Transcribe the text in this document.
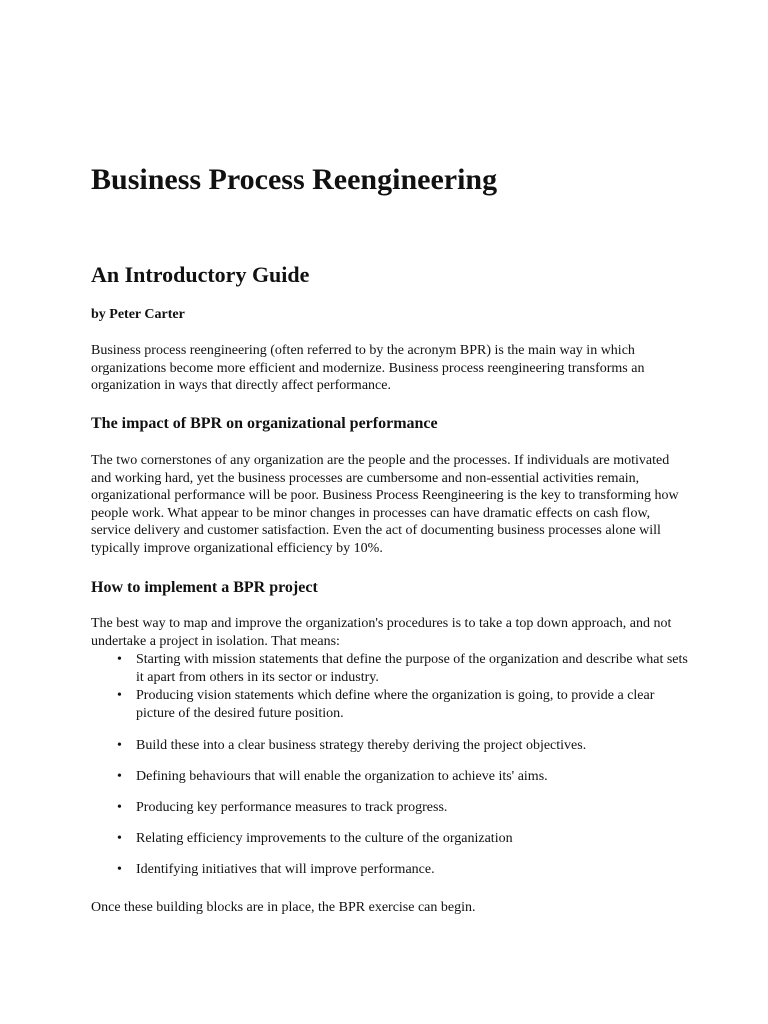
Business Process Reengineering
An Introductory Guide

by Peter Carter

Business process reengineering (often referred to by the acronym BPR) is the main way in which organizations become more efficient and modernize. Business process reengineering transforms an organization in ways that directly affect performance.

The impact of BPR on organizational performance

The two cornerstones of any organization are the people and the processes. If individuals are motivated and working hard, yet the business processes are cumbersome and non-essential activities remain, organizational performance will be poor. Business Process Reengineering is the key to transforming how people work. What appear to be minor changes in processes can have dramatic effects on cash flow, service delivery and customer satisfaction. Even the act of documenting business processes alone will typically improve organizational efficiency by 10%.

How to implement a BPR project

The best way to map and improve the organization's procedures is to take a top down approach, and not undertake a project in isolation. That means:

• Starting with mission statements that define the purpose of the organization and describe what sets it apart from others in its sector or industry.
• Producing vision statements which define where the organization is going, to provide a clear picture of the desired future position.
• Build these into a clear business strategy thereby deriving the project objectives.
• Defining behaviours that will enable the organization to achieve its' aims.
• Producing key performance measures to track progress.
• Relating efficiency improvements to the culture of the organization
• Identifying initiatives that will improve performance.

Once these building blocks are in place, the BPR exercise can begin.
